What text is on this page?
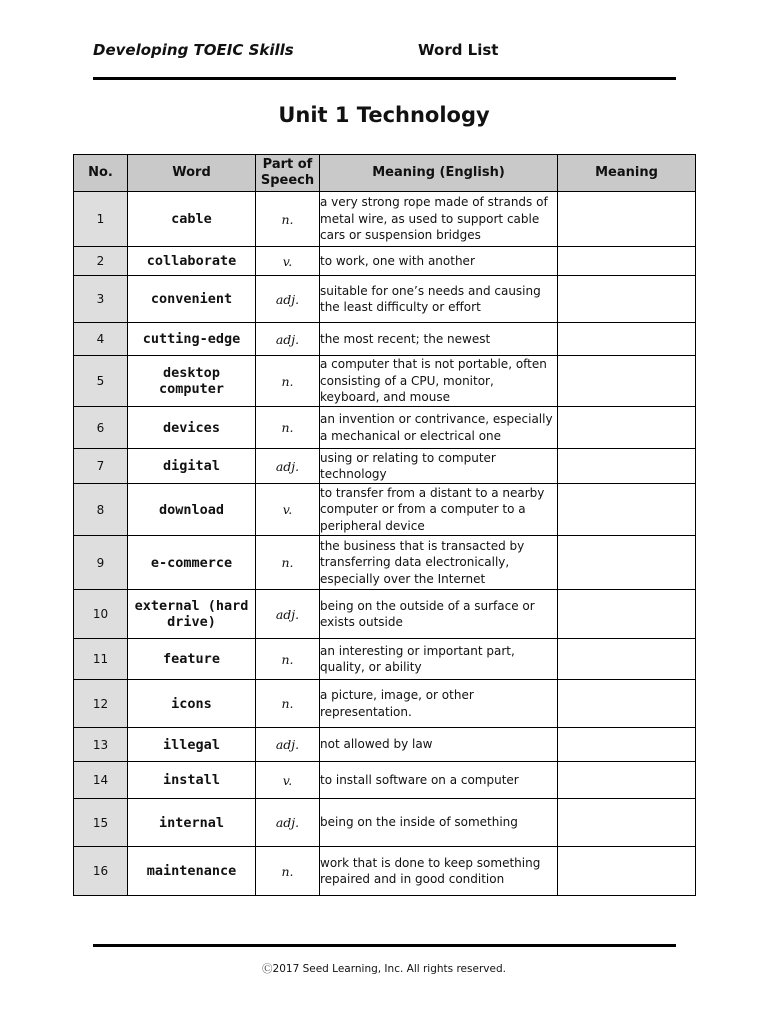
Developing TOEIC Skills	Word List
Unit 1 Technology
No.	Word	Part of Speech	Meaning (English)	Meaning
1	cable	n.	a very strong rope made of strands of metal wire, as used to support cable cars or suspension bridges	
2	collaborate	v.	to work, one with another	
3	convenient	adj.	suitable for one’s needs and causing the least difficulty or effort	
4	cutting-edge	adj.	the most recent; the newest	
5	desktop computer	n.	a computer that is not portable, often consisting of a CPU, monitor, keyboard, and mouse	
6	devices	n.	an invention or contrivance, especially a mechanical or electrical one	
7	digital	adj.	using or relating to computer technology	
8	download	v.	to transfer from a distant to a nearby computer or from a computer to a peripheral device	
9	e-commerce	n.	the business that is transacted by transferring data electronically, especially over the Internet	
10	external (hard drive)	adj.	being on the outside of a surface or exists outside	
11	feature	n.	an interesting or important part, quality, or ability	
12	icons	n.	a picture, image, or other representation.	
13	illegal	adj.	not allowed by law	
14	install	v.	to install software on a computer	
15	internal	adj.	being on the inside of something	
16	maintenance	n.	work that is done to keep something repaired and in good condition	
Ⓒ2017 Seed Learning, Inc. All rights reserved.
